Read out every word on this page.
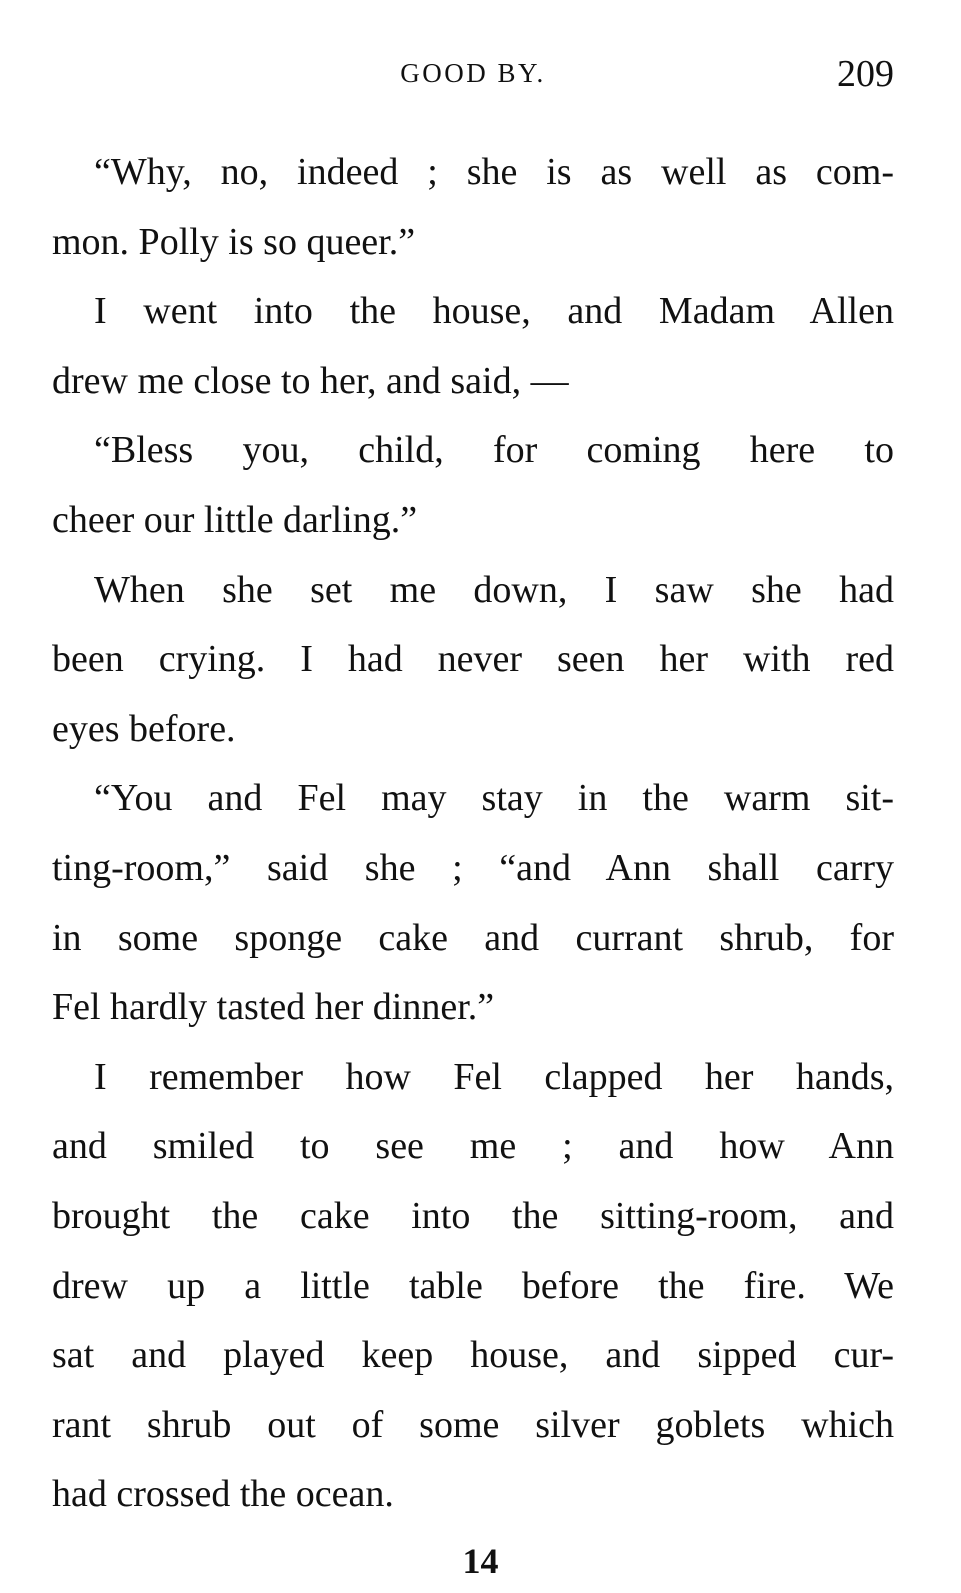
GOOD BY.	209
“Why, no, indeed ; she is as well as com-
mon. Polly is so queer.”
I went into the house, and Madam Allen
drew me close to her, and said, —
“Bless you, child, for coming here to
cheer our little darling.”
When she set me down, I saw she had
been crying. I had never seen her with red
eyes before.
“You and Fel may stay in the warm sit-
ting-room,” said she ; “and Ann shall carry
in some sponge cake and currant shrub, for
Fel hardly tasted her dinner.”
I remember how Fel clapped her hands,
and smiled to see me ; and how Ann
brought the cake into the sitting-room, and
drew up a little table before the fire. We
sat and played keep house, and sipped cur-
rant shrub out of some silver goblets which
had crossed the ocean.
14
